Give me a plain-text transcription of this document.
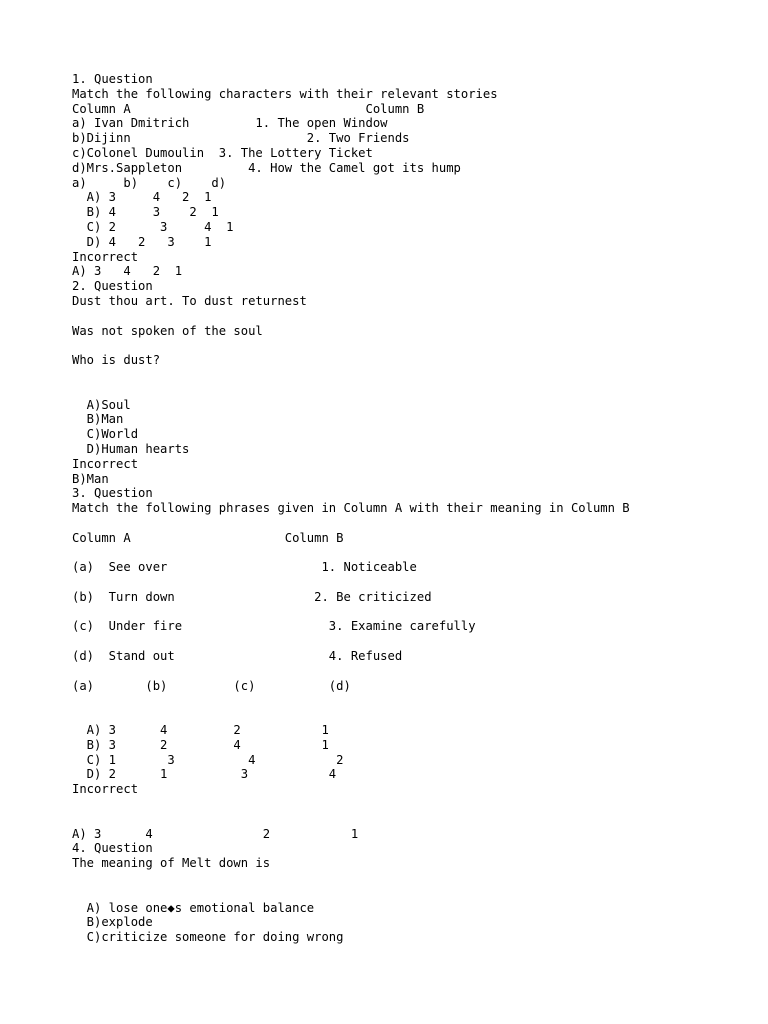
1. Question
Match the following characters with their relevant stories
Column A                                Column B
a) Ivan Dmitrich         1. The open Window
b)Dijinn                        2. Two Friends
c)Colonel Dumoulin  3. The Lottery Ticket
d)Mrs.Sappleton         4. How the Camel got its hump
a)     b)    c)    d)
A) 3     4   2  1
B) 4     3    2  1
C) 2      3     4  1
D) 4   2   3    1
Incorrect
A) 3   4   2  1
2. Question
Dust thou art. To dust returnest
Was not spoken of the soul
Who is dust?
A)Soul
B)Man
C)World
D)Human hearts
Incorrect
B)Man
3. Question
Match the following phrases given in Column A with their meaning in Column B
Column A                     Column B
(a)  See over                     1. Noticeable
(b)  Turn down                   2. Be criticized
(c)  Under fire                    3. Examine carefully
(d)  Stand out                     4. Refused
(a)       (b)         (c)          (d)
A) 3      4         2           1
B) 3      2         4           1
C) 1       3          4           2
D) 2      1          3           4
Incorrect
A) 3      4               2           1
4. Question
The meaning of Melt down is
A) lose one◆s emotional balance
B)explode
C)criticize someone for doing wrong
